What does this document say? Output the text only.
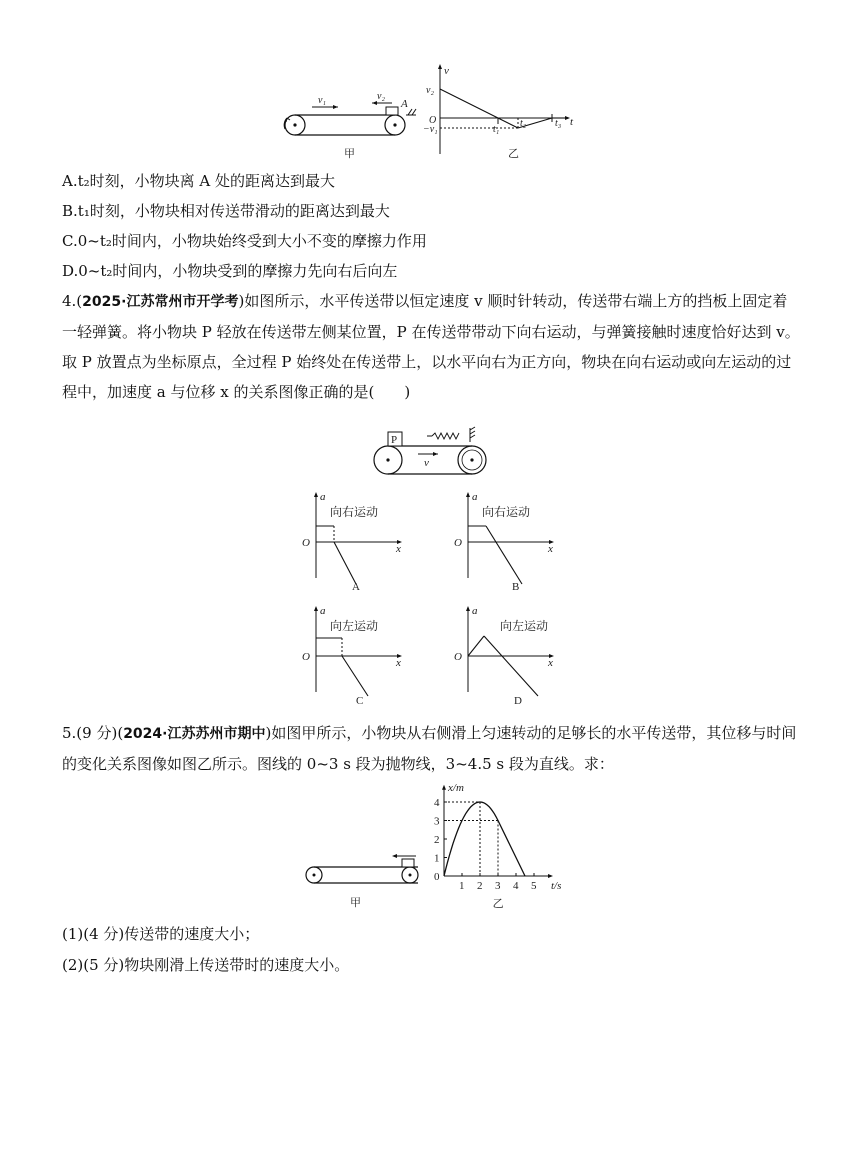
A
v₁	v₂
甲
v
t
O
v₂
−v₁	t₁
t₂	t₃
乙
A.t₂时刻，小物块离 A 处的距离达到最大
B.t₁时刻，小物块相对传送带滑动的距离达到最大
C.0~t₂时间内，小物块始终受到大小不变的摩擦力作用
D.0~t₂时间内，小物块受到的摩擦力先向右后向左
4.(2025·江苏常州市开学考)如图所示，水平传送带以恒定速度 v 顺时针转动，传送带右端上方的挡板上固定着一轻弹簧。将小物块 P 轻放在传送带左侧某位置，P 在传送带带动下向右运动，与弹簧接触时速度恰好达到 v。取 P 放置点为坐标原点，全过程 P 始终处在传送带上，以水平向右为正方向，物块在向右运动或向左运动的过程中，加速度 a 与位移 x 的关系图像正确的是(　　)
P
v
a
x
O
向右运动
A
a
x
O
向右运动
B
a
x
O
向左运动
C
a
x
O
向左运动
D
5.(9 分)(2024·江苏苏州市期中)如图甲所示，小物块从右侧滑上匀速转动的足够长的水平传送带，其位移与时间的变化关系图像如图乙所示。图线的 0~3 s 段为抛物线，3~4.5 s 段为直线。求：
甲
x/m
t/s
0
1 2 3 4 5
1
2
3
4
乙
(1)(4 分)传送带的速度大小；
(2)(5 分)物块刚滑上传送带时的速度大小。
